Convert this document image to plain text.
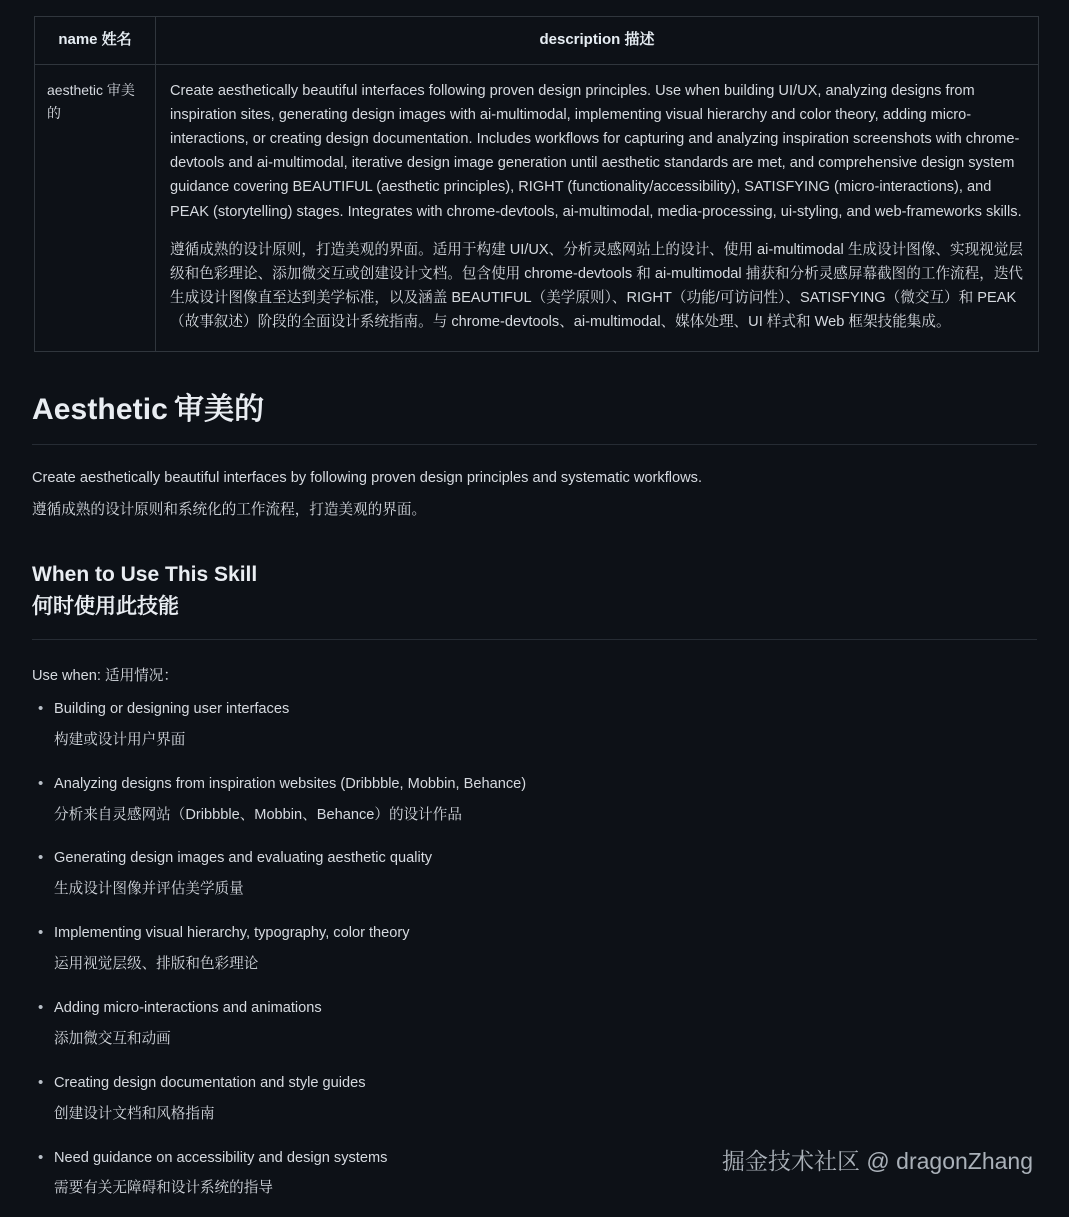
name 姓名	description 描述
aesthetic 审美的	Create aesthetically beautiful interfaces following proven design principles. Use when building UI/UX, analyzing designs from inspiration sites, generating design images with ai-multimodal, implementing visual hierarchy and color theory, adding micro-interactions, or creating design documentation. Includes workflows for capturing and analyzing inspiration screenshots with chrome-devtools and ai-multimodal, iterative design image generation until aesthetic standards are met, and comprehensive design system guidance covering BEAUTIFUL (aesthetic principles), RIGHT (functionality/accessibility), SATISFYING (micro-interactions), and PEAK (storytelling) stages. Integrates with chrome-devtools, ai-multimodal, media-processing, ui-styling, and web-frameworks skills.

遵循成熟的设计原则，打造美观的界面。适用于构建 UI/UX、分析灵感网站上的设计、使用 ai-multimodal 生成设计图像、实现视觉层级和色彩理论、添加微交互或创建设计文档。包含使用 chrome-devtools 和 ai-multimodal 捕获和分析灵感屏幕截图的工作流程，迭代生成设计图像直至达到美学标准，以及涵盖 BEAUTIFUL（美学原则）、RIGHT（功能/可访问性）、SATISFYING（微交互）和 PEAK（故事叙述）阶段的全面设计系统指南。与 chrome-devtools、ai-multimodal、媒体处理、UI 样式和 Web 框架技能集成。

Aesthetic 审美的

Create aesthetically beautiful interfaces by following proven design principles and systematic workflows.
遵循成熟的设计原则和系统化的工作流程，打造美观的界面。

When to Use This Skill
何时使用此技能

Use when: 适用情况：

• Building or designing user interfaces
构建或设计用户界面
• Analyzing designs from inspiration websites (Dribbble, Mobbin, Behance)
分析来自灵感网站（Dribbble、Mobbin、Behance）的设计作品
• Generating design images and evaluating aesthetic quality
生成设计图像并评估美学质量
• Implementing visual hierarchy, typography, color theory
运用视觉层级、排版和色彩理论
• Adding micro-interactions and animations
添加微交互和动画
• Creating design documentation and style guides
创建设计文档和风格指南
• Need guidance on accessibility and design systems
需要有关无障碍和设计系统的指导
掘金技术社区 @ dragonZhang
